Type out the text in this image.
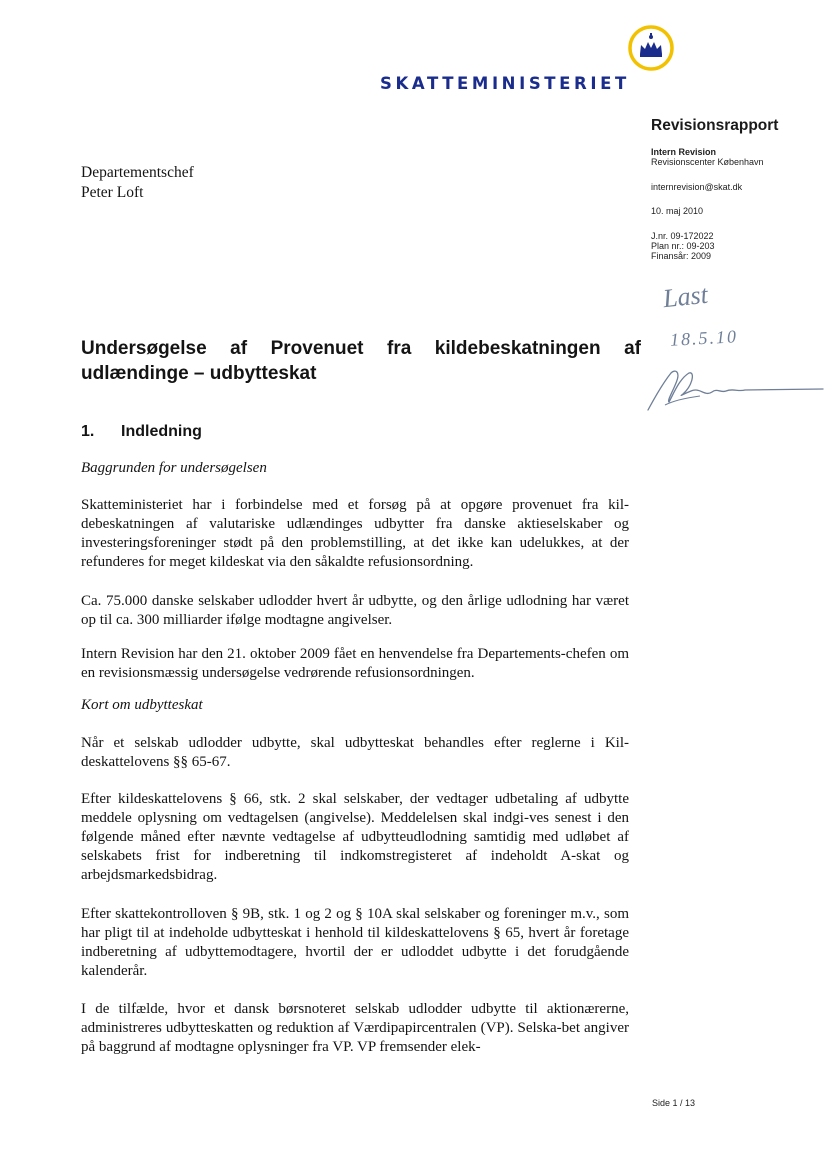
SKATTEMINISTERIET
Revisionsrapport
Intern Revision
Revisionscenter København
internrevision@skat.dk
10. maj 2010
J.nr. 09-172022
Plan nr.: 09-203
Finansår: 2009
Departementschef
Peter Loft
Last
18.5.10
Undersøgelse af Provenuet fra kildebeskatningen af udlændinge – udbytteskat
1. Indledning
Baggrunden for undersøgelsen
Skatteministeriet har i forbindelse med et forsøg på at opgøre provenuet fra kil-debeskatningen af valutariske udlændinges udbytter fra danske aktieselskaber og investeringsforeninger stødt på den problemstilling, at det ikke kan udelukkes, at der refunderes for meget kildeskat via den såkaldte refusionsordning.
Ca. 75.000 danske selskaber udlodder hvert år udbytte, og den årlige udlodning har været op til ca. 300 milliarder ifølge modtagne angivelser.
Intern Revision har den 21. oktober 2009 fået en henvendelse fra Departements-chefen om en revisionsmæssig undersøgelse vedrørende refusionsordningen.
Kort om udbytteskat
Når et selskab udlodder udbytte, skal udbytteskat behandles efter reglerne i Kil-deskattelovens §§ 65-67.
Efter kildeskattelovens § 66, stk. 2 skal selskaber, der vedtager udbetaling af udbytte meddele oplysning om vedtagelsen (angivelse). Meddelelsen skal indgi-ves senest i den følgende måned efter nævnte vedtagelse af udbytteudlodning samtidig med udløbet af selskabets frist for indberetning til indkomstregisteret af indeholdt A-skat og arbejdsmarkedsbidrag.
Efter skattekontrolloven § 9B, stk. 1 og 2 og § 10A skal selskaber og foreninger m.v., som har pligt til at indeholde udbytteskat i henhold til kildeskattelovens § 65, hvert år foretage indberetning af udbyttemodtagere, hvortil der er udloddet udbytte i det forudgående kalenderår.
I de tilfælde, hvor et dansk børsnoteret selskab udlodder udbytte til aktionærerne, administreres udbytteskatten og reduktion af Værdipapircentralen (VP). Selska-bet angiver på baggrund af modtagne oplysninger fra VP. VP fremsender elek-
Side 1 / 13
